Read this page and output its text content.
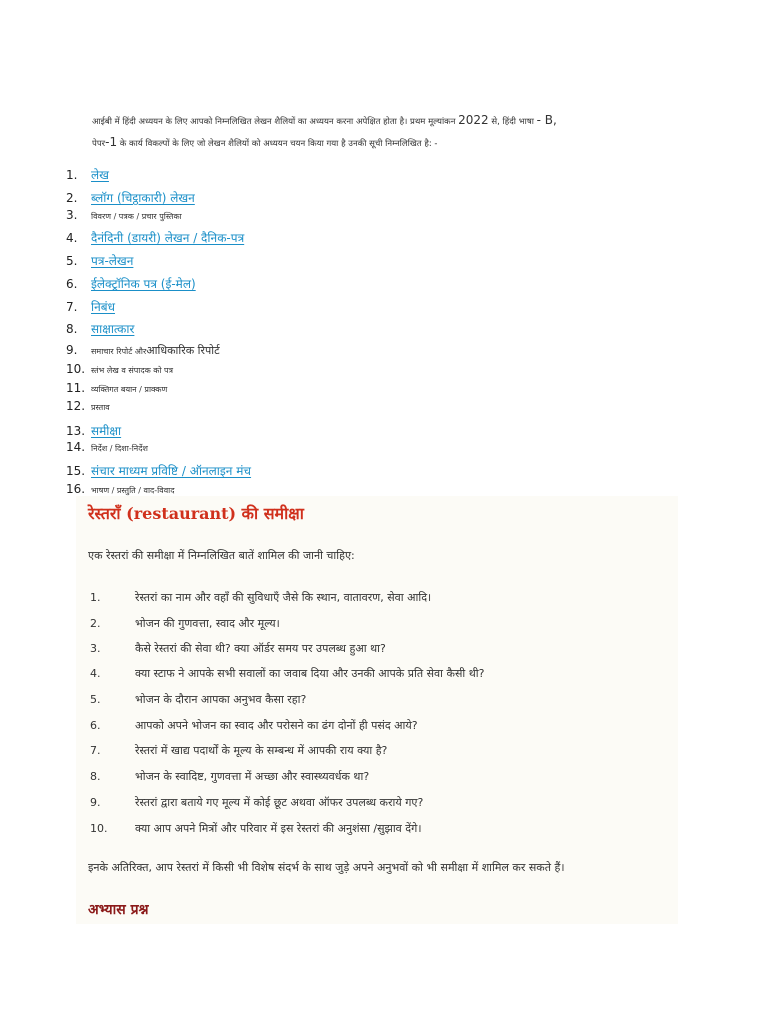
आईबी में हिंदी अध्ययन के लिए आपको निम्नलिखित लेखन शैलियों का अध्ययन करना अपेक्षित होता है। प्रथम मूल्यांकन 2022 से, हिंदी भाषा - B,
पेपर-1 के कार्य विकल्पों के लिए जो लेखन शैलियों को अध्ययन चयन किया गया है उनकी सूची निम्नलिखित है: -
1.	लेख
2.	ब्लॉग (चिट्ठाकारी) लेखन
3.	विवरण / पत्रक / प्रचार पुस्तिका
4.	दैनंदिनी (डायरी) लेखन / दैनिक-पत्र
5.	पत्र-लेखन
6.	ईलेक्ट्रॉनिक पत्र (ई-मेल)
7.	निबंध
8.	साक्षात्कार
9.	समाचार रिपोर्ट और आधिकारिक रिपोर्ट
10. स्तंभ लेख व संपादक को पत्र
11. व्यक्तिगत बयान / प्राक्कण
12. प्रस्ताव
13. समीक्षा
14. निर्देश / दिशा-निर्देश
15. संचार माध्यम प्रविष्टि / ऑनलाइन मंच
16. भाषण / प्रस्तुति / वाद-विवाद
रेस्तराँ (restaurant) की समीक्षा
एक रेस्तरां की समीक्षा में निम्नलिखित बातें शामिल की जानी चाहिए:
1.	रेस्तरां का नाम और वहाँ की सुविधाएँ जैसे कि स्थान, वातावरण, सेवा आदि।
2.	भोजन की गुणवत्ता, स्वाद और मूल्य।
3.	कैसे रेस्तरां की सेवा थी? क्या ऑर्डर समय पर उपलब्ध हुआ था?
4.	क्या स्टाफ ने आपके सभी सवालों का जवाब दिया और उनकी आपके प्रति सेवा कैसी थी?
5.	भोजन के दौरान आपका अनुभव कैसा रहा?
6.	आपको अपने भोजन का स्वाद और परोसने का ढंग दोनों ही पसंद आये?
7.	रेस्तरां में खाद्य पदार्थों के मूल्य के सम्बन्ध में आपकी राय क्या है?
8.	भोजन के स्वादिष्ट, गुणवत्ता में अच्छा और स्वास्थ्यवर्धक था?
9.	रेस्तरां द्वारा बताये गए मूल्य में कोई छूट अथवा ऑफर उपलब्ध कराये गए?
10.	क्या आप अपने मित्रों और परिवार में इस रेस्तरां की अनुशंसा /सुझाव देंगे।
इनके अतिरिक्त, आप रेस्तरां में किसी भी विशेष संदर्भ के साथ जुड़े अपने अनुभवों को भी समीक्षा में शामिल कर सकते हैं।
अभ्यास प्रश्न
